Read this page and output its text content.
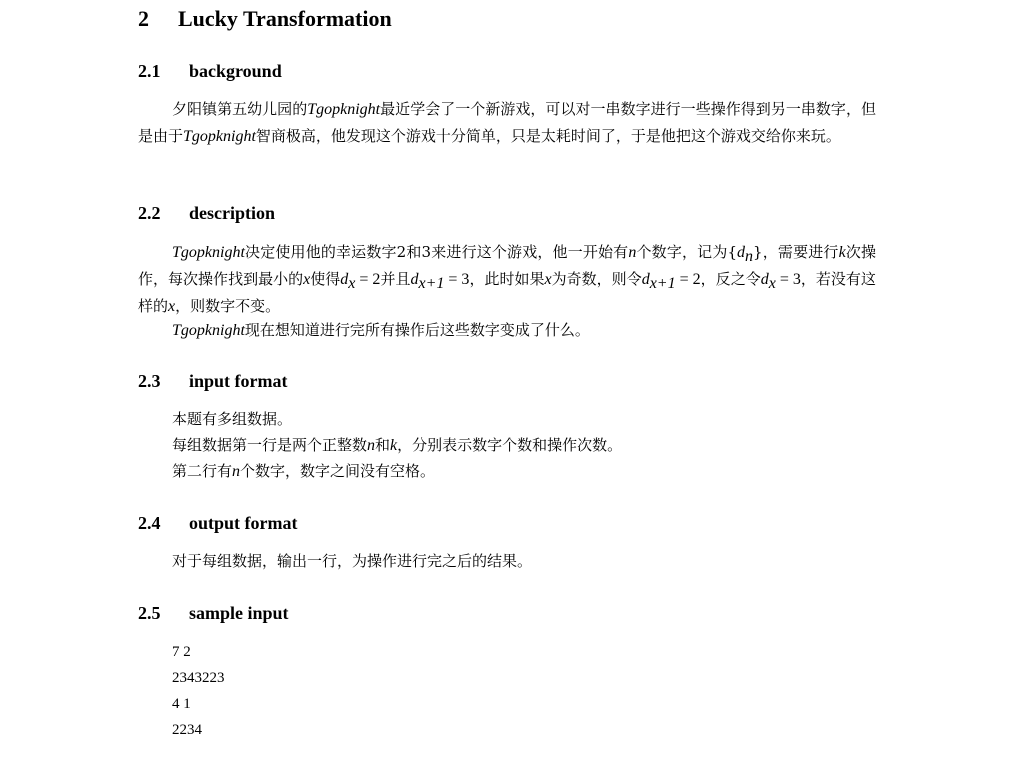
2 Lucky Transformation
2.1 background

夕阳镇第五幼儿园的Tgopknight最近学会了一个新游戏，可以对一串数字进行一些操作得到另一串数字，但是由于Tgopknight智商极高，他发现这个游戏十分简单，只是太耗时间了，于是他把这个游戏交给你来玩。

2.2 description

Tgopknight决定使用他的幸运数字2和3来进行这个游戏，他一开始有n个数字，记为$\{d_n\}$，需要进行k次操作，每次操作找到最小的x使得$d_x = 2$并且$d_{x+1} = 3$，此时如果x为奇数，则令$d_{x+1} = 2$，反之令$d_x = 3$，若没有这样的x，则数字不变。

Tgopknight现在想知道进行完所有操作后这些数字变成了什么。

2.3 input format

本题有多组数据。

每组数据第一行是两个正整数n和k，分别表示数字个数和操作次数。

第二行有n个数字，数字之间没有空格。

2.4 output format

对于每组数据，输出一行，为操作进行完之后的结果。

2.5 sample input

7 2

2343223

4 1

2234
